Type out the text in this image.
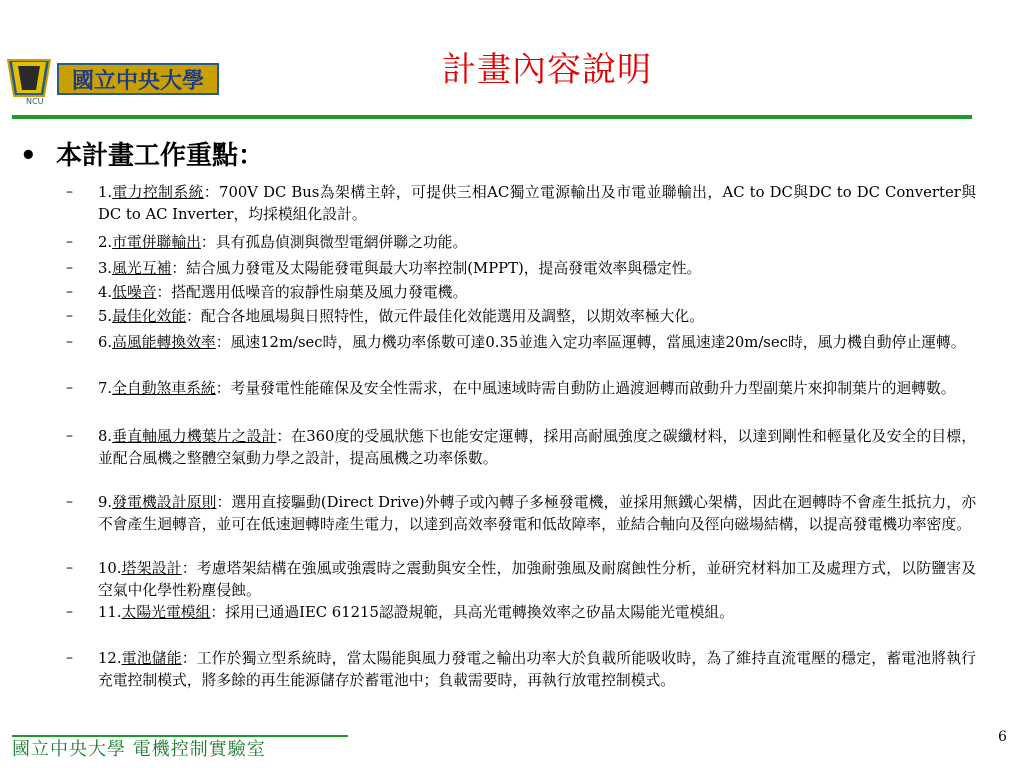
NCU
國立中央大學	計畫內容說明
• 本計畫工作重點：
– 1.電力控制系統：700V DC Bus為架構主幹，可提供三相AC獨立電源輸出及市電並聯輸出，AC to DC與DC to DC Converter與DC to AC Inverter，均採模組化設計。
– 2.市電併聯輸出：具有孤島偵測與微型電網併聯之功能。
– 3.風光互補：結合風力發電及太陽能發電與最大功率控制(MPPT)，提高發電效率與穩定性。
– 4.低噪音：搭配選用低噪音的寂靜性扇葉及風力發電機。
– 5.最佳化效能：配合各地風場與日照特性，做元件最佳化效能選用及調整，以期效率極大化。
– 6.高風能轉換效率：風速12m/sec時，風力機功率係數可達0.35並進入定功率區運轉，當風速達20m/sec時，風力機自動停止運轉。
– 7.全自動煞車系統：考量發電性能確保及安全性需求，在中風速域時需自動防止過渡迴轉而啟動升力型副葉片來抑制葉片的迴轉數。
– 8.垂直軸風力機葉片之設計：在360度的受風狀態下也能安定運轉，採用高耐風強度之碳纖材料，以達到剛性和輕量化及安全的目標，並配合風機之整體空氣動力學之設計，提高風機之功率係數。
– 9.發電機設計原則：選用直接驅動(Direct Drive)外轉子或內轉子多極發電機，並採用無鐵心架構，因此在迴轉時不會產生抵抗力，亦不會產生迴轉音，並可在低速迴轉時產生電力，以達到高效率發電和低故障率，並結合軸向及徑向磁場結構，以提高發電機功率密度。
– 10.塔架設計：考慮塔架結構在強風或強震時之震動與安全性，加強耐強風及耐腐蝕性分析，並研究材料加工及處理方式，以防鹽害及空氣中化學性粉塵侵蝕。
– 11.太陽光電模組：採用已通過IEC 61215認證規範，具高光電轉換效率之矽晶太陽能光電模組。
– 12.電池儲能：工作於獨立型系統時，當太陽能與風力發電之輸出功率大於負載所能吸收時，為了維持直流電壓的穩定，蓄電池將執行充電控制模式，將多餘的再生能源儲存於蓄電池中；負載需要時，再執行放電控制模式。
6
國立中央大學 電機控制實驗室
